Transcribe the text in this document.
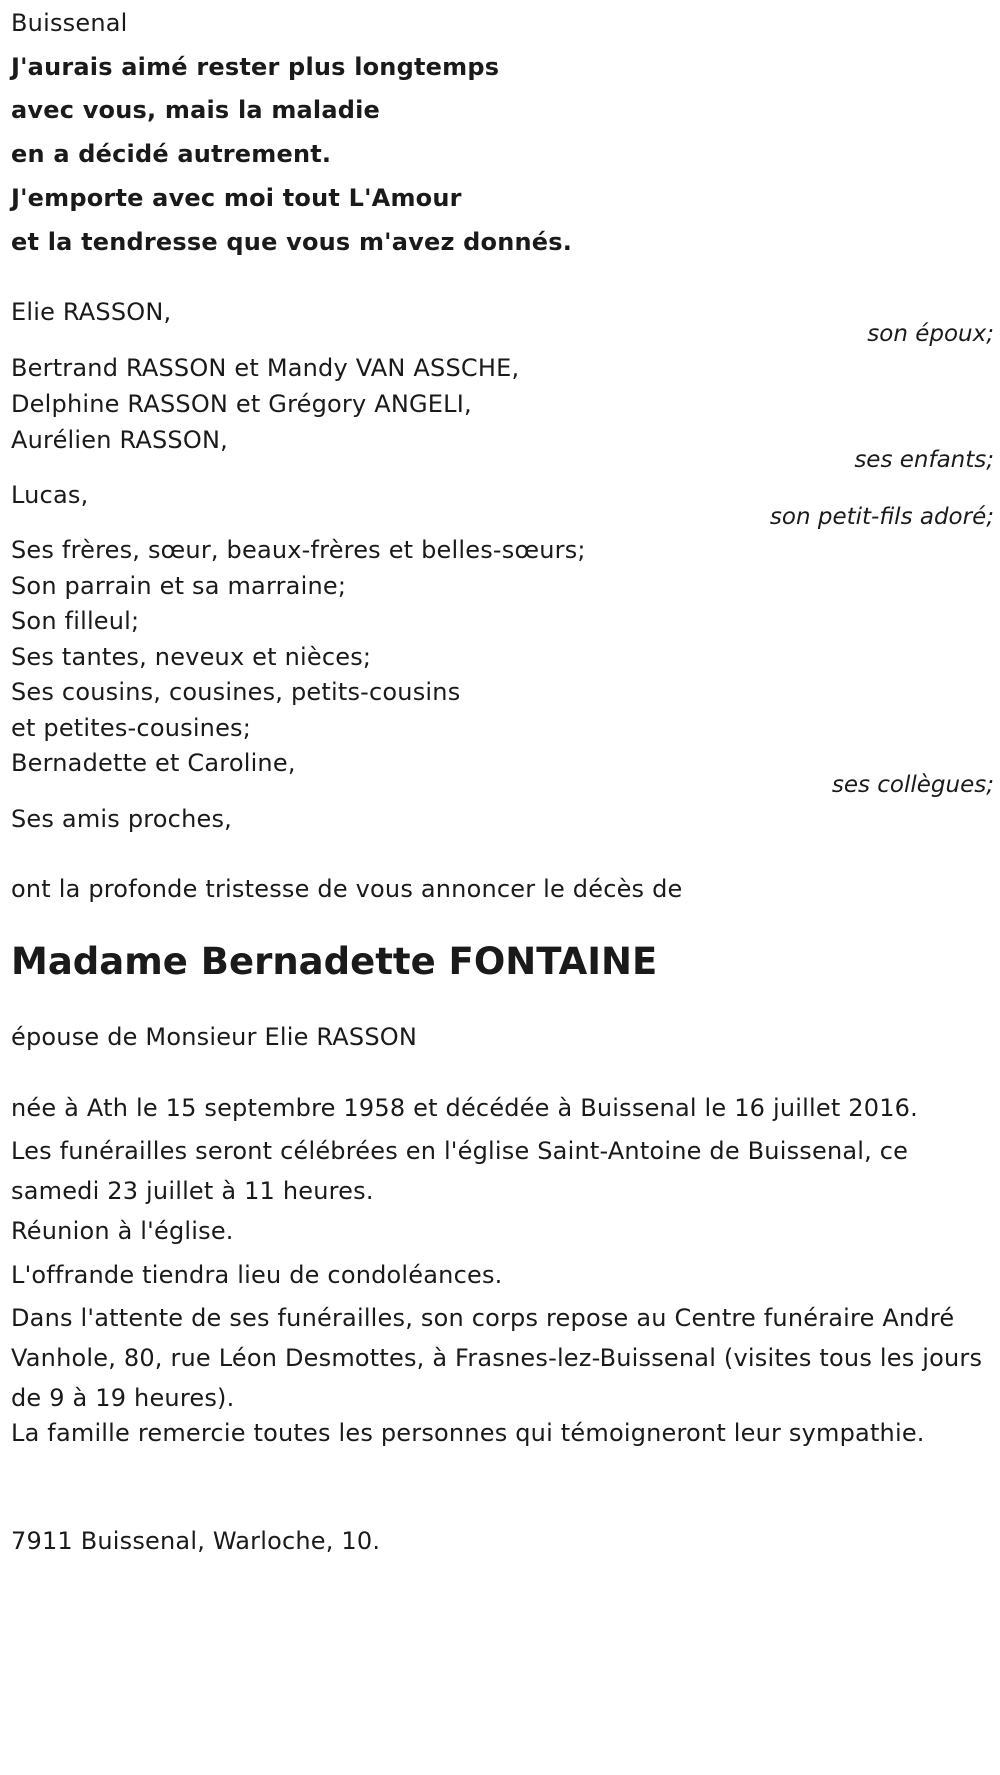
Buissenal
J'aurais aimé rester plus longtemps
avec vous, mais la maladie
en a décidé autrement.
J'emporte avec moi tout L'Amour
et la tendresse que vous m'avez donnés.
Elie RASSON,
son époux;
Bertrand RASSON et Mandy VAN ASSCHE,
Delphine RASSON et Grégory ANGELI,
Aurélien RASSON,
ses enfants;
Lucas,
son petit-fils adoré;
Ses frères, sœur, beaux-frères et belles-sœurs;
Son parrain et sa marraine;
Son filleul;
Ses tantes, neveux et nièces;
Ses cousins, cousines, petits-cousins
et petites-cousines;
Bernadette et Caroline,
ses collègues;
Ses amis proches,
ont la profonde tristesse de vous annoncer le décès de
Madame Bernadette FONTAINE
épouse de Monsieur Elie RASSON
née à Ath le 15 septembre 1958 et décédée à Buissenal le 16 juillet 2016.
Les funérailles seront célébrées en l'église Saint-Antoine de Buissenal, ce samedi 23 juillet à 11 heures.
Réunion à l'église.
L'offrande tiendra lieu de condoléances.
Dans l'attente de ses funérailles, son corps repose au Centre funéraire André Vanhole, 80, rue Léon Desmottes, à Frasnes-lez-Buissenal (visites tous les jours de 9 à 19 heures).
La famille remercie toutes les personnes qui témoigneront leur sympathie.
7911 Buissenal, Warloche, 10.
